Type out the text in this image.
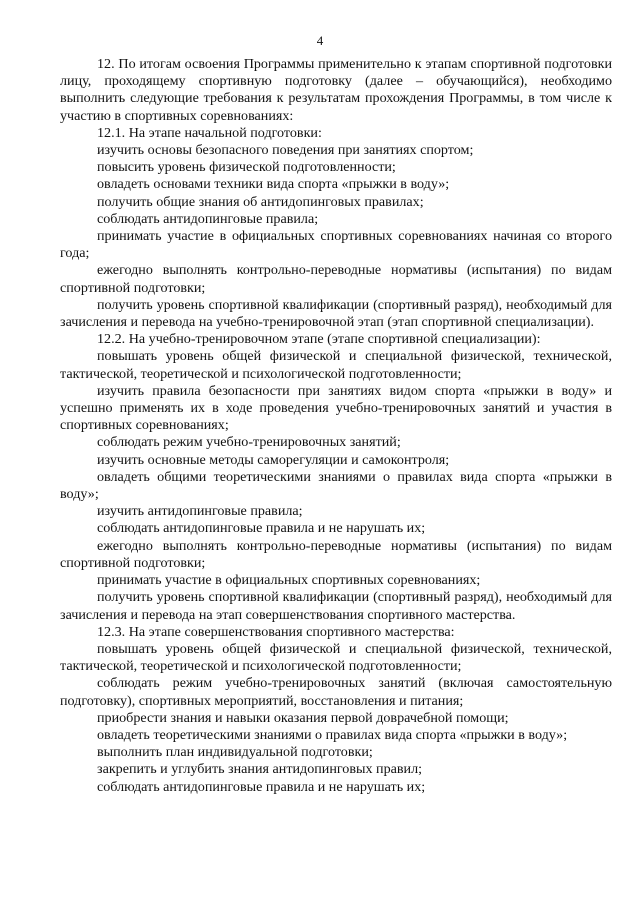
4

12. По итогам освоения Программы применительно к этапам спортивной подготовки лицу, проходящему спортивную подготовку (далее – обучающийся), необходимо выполнить следующие требования к результатам прохождения Программы, в том числе к участию в спортивных соревнованиях:

12.1. На этапе начальной подготовки:

изучить основы безопасного поведения при занятиях спортом;

повысить уровень физической подготовленности;

овладеть основами техники вида спорта «прыжки в воду»;

получить общие знания об антидопинговых правилах;

соблюдать антидопинговые правила;

принимать участие в официальных спортивных соревнованиях начиная со второго года;

ежегодно выполнять контрольно-переводные нормативы (испытания) по видам спортивной подготовки;

получить уровень спортивной квалификации (спортивный разряд), необходимый для зачисления и перевода на учебно-тренировочной этап (этап спортивной специализации).

12.2. На учебно-тренировочном этапе (этапе спортивной специализации):

повышать уровень общей физической и специальной физической, технической, тактической, теоретической и психологической подготовленности;

изучить правила безопасности при занятиях видом спорта «прыжки в воду» и успешно применять их в ходе проведения учебно-тренировочных занятий и участия в спортивных соревнованиях;

соблюдать режим учебно-тренировочных занятий;

изучить основные методы саморегуляции и самоконтроля;

овладеть общими теоретическими знаниями о правилах вида спорта «прыжки в воду»;

изучить антидопинговые правила;

соблюдать антидопинговые правила и не нарушать их;

ежегодно выполнять контрольно-переводные нормативы (испытания) по видам спортивной подготовки;

принимать участие в официальных спортивных соревнованиях;

получить уровень спортивной квалификации (спортивный разряд), необходимый для зачисления и перевода на этап совершенствования спортивного мастерства.

12.3. На этапе совершенствования спортивного мастерства:

повышать уровень общей физической и специальной физической, технической, тактической, теоретической и психологической подготовленности;

соблюдать режим учебно-тренировочных занятий (включая самостоятельную подготовку), спортивных мероприятий, восстановления и питания;

приобрести знания и навыки оказания первой доврачебной помощи;

овладеть теоретическими знаниями о правилах вида спорта «прыжки в воду»;

выполнить план индивидуальной подготовки;

закрепить и углубить знания антидопинговых правил;

соблюдать антидопинговые правила и не нарушать их;
